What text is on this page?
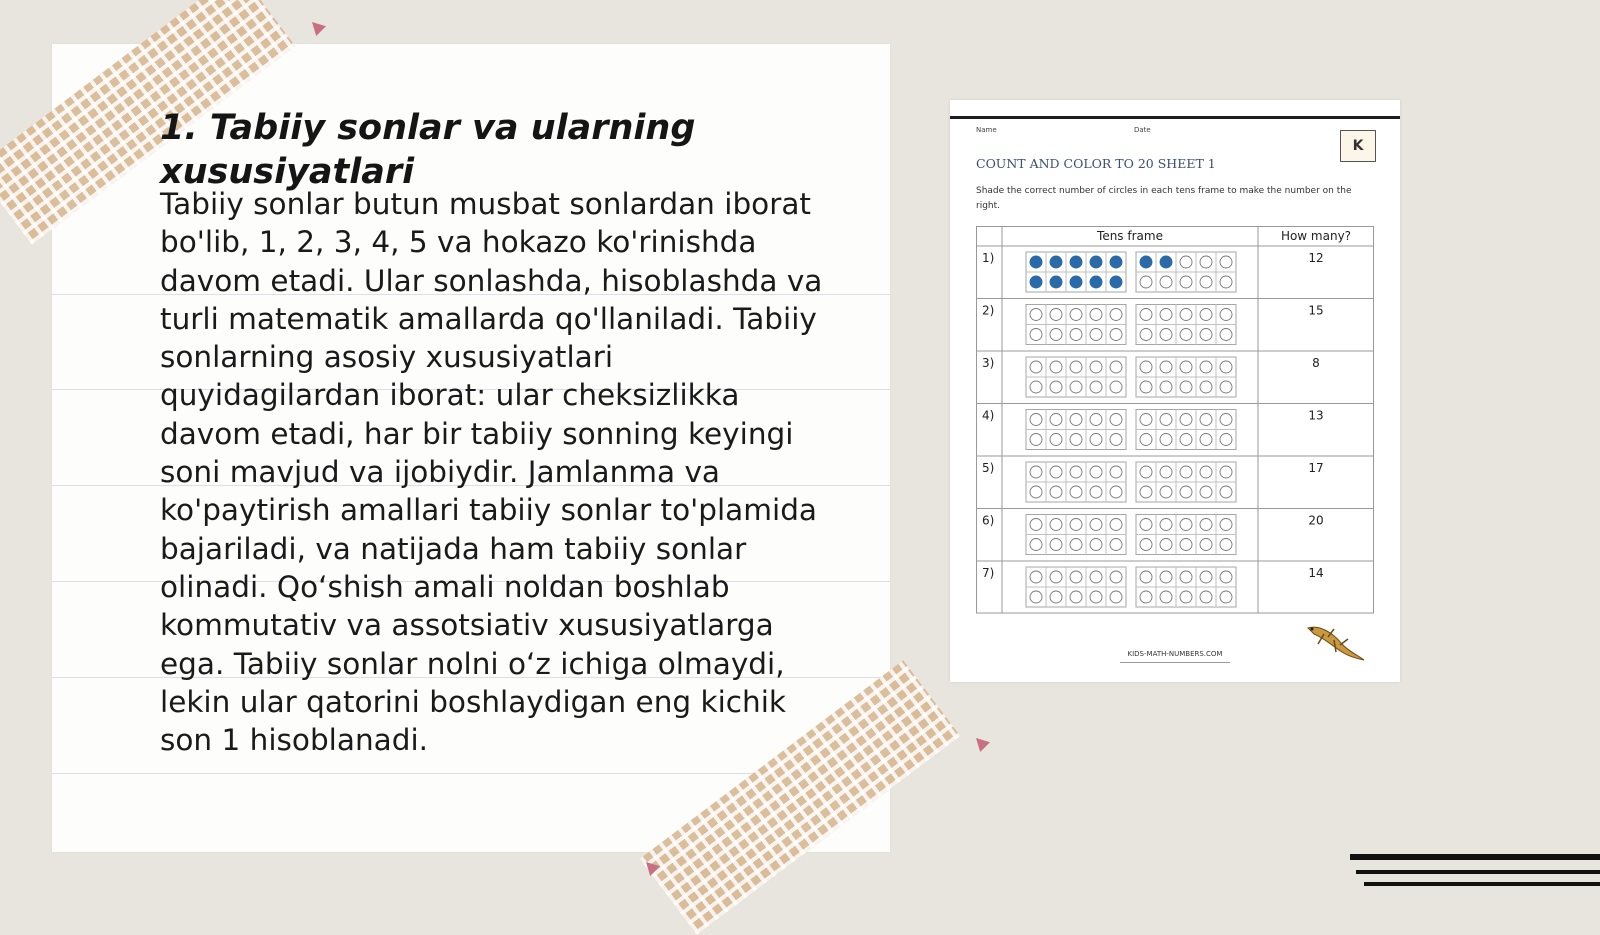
1. Tabiiy sonlar va ularning xususiyatlari

Tabiiy sonlar butun musbat sonlardan iborat bo'lib, 1, 2, 3, 4, 5 va hokazo ko'rinishda davom etadi. Ular sonlashda, hisoblashda va turli matematik amallarda qo'llaniladi. Tabiiy sonlarning asosiy xususiyatlari quyidagilardan iborat: ular cheksizlikka davom etadi, har bir tabiiy sonning keyingi soni mavjud va ijobiydir. Jamlanma va ko'paytirish amallari tabiiy sonlar to'plamida bajariladi, va natijada ham tabiiy sonlar olinadi. Qo‘shish amali noldan boshlab kommutativ va assotsiativ xususiyatlarga ega. Tabiiy sonlar nolni o‘z ichiga olmaydi, lekin ular qatorini boshlaydigan eng kichik son 1 hisoblanadi.

Name	Date
K
COUNT AND COLOR TO 20 SHEET 1
Shade the correct number of circles in each tens frame to make the number on the right.
Tens frame	How many?
1)	12
2)	15
3)	8
4)	13
5)	17
6)	20
7)	14
KIDS-MATH-NUMBERS.COM
